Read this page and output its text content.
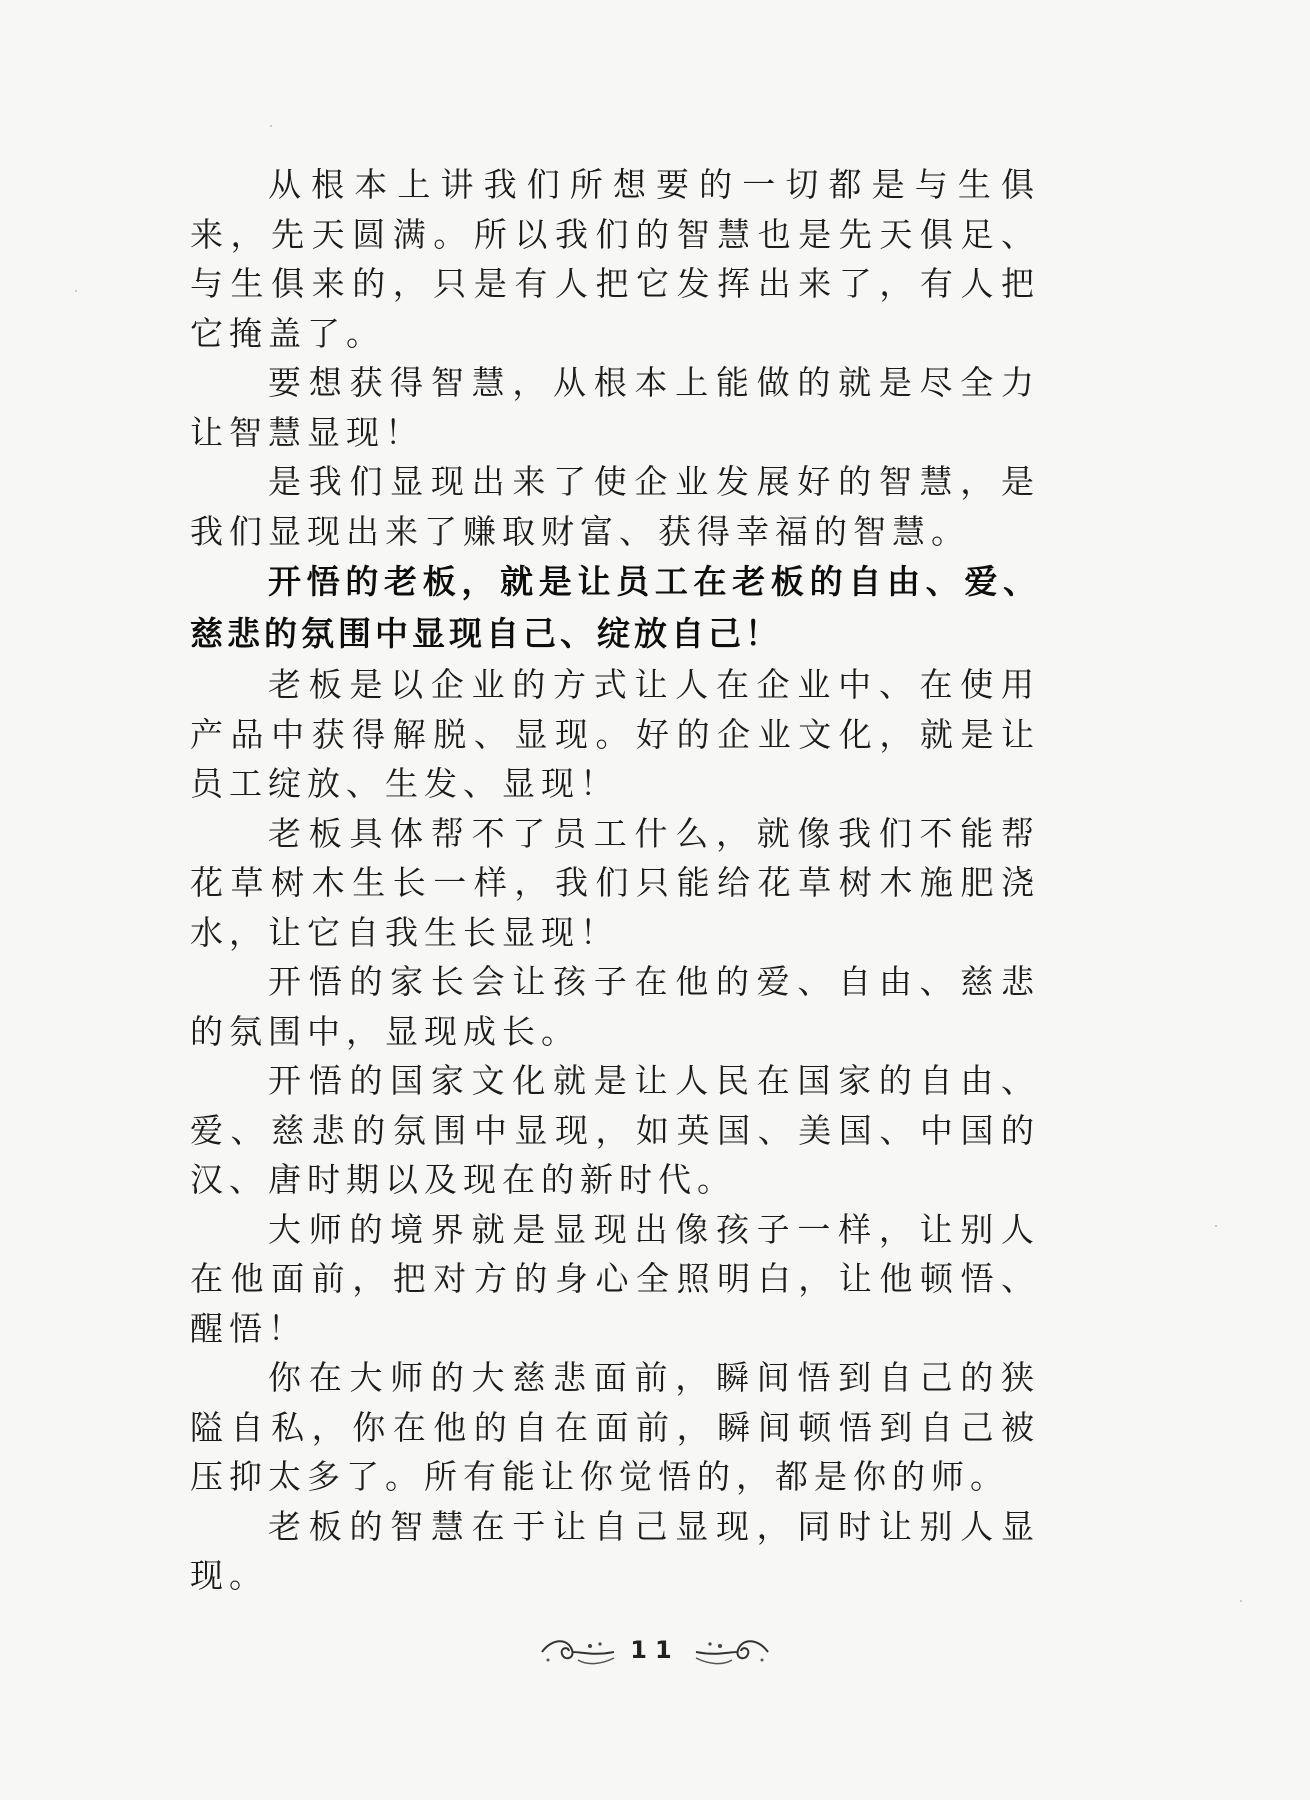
从根本上讲我们所想要的一切都是与生俱来，先天圆满。所以我们的智慧也是先天俱足、与生俱来的，只是有人把它发挥出来了，有人把它掩盖了。

要想获得智慧，从根本上能做的就是尽全力让智慧显现！

是我们显现出来了使企业发展好的智慧，是我们显现出来了赚取财富、获得幸福的智慧。

开悟的老板，就是让员工在老板的自由、爱、慈悲的氛围中显现自己、绽放自己！

老板是以企业的方式让人在企业中、在使用产品中获得解脱、显现。好的企业文化，就是让员工绽放、生发、显现！

老板具体帮不了员工什么，就像我们不能帮花草树木生长一样，我们只能给花草树木施肥浇水，让它自我生长显现！

开悟的家长会让孩子在他的爱、自由、慈悲的氛围中，显现成长。

开悟的国家文化就是让人民在国家的自由、爱、慈悲的氛围中显现，如英国、美国、中国的汉、唐时期以及现在的新时代。

大师的境界就是显现出像孩子一样，让别人在他面前，把对方的身心全照明白，让他顿悟、醒悟！

你在大师的大慈悲面前，瞬间悟到自己的狭隘自私，你在他的自在面前，瞬间顿悟到自己被压抑太多了。所有能让你觉悟的，都是你的师。

老板的智慧在于让自己显现，同时让别人显现。

11
